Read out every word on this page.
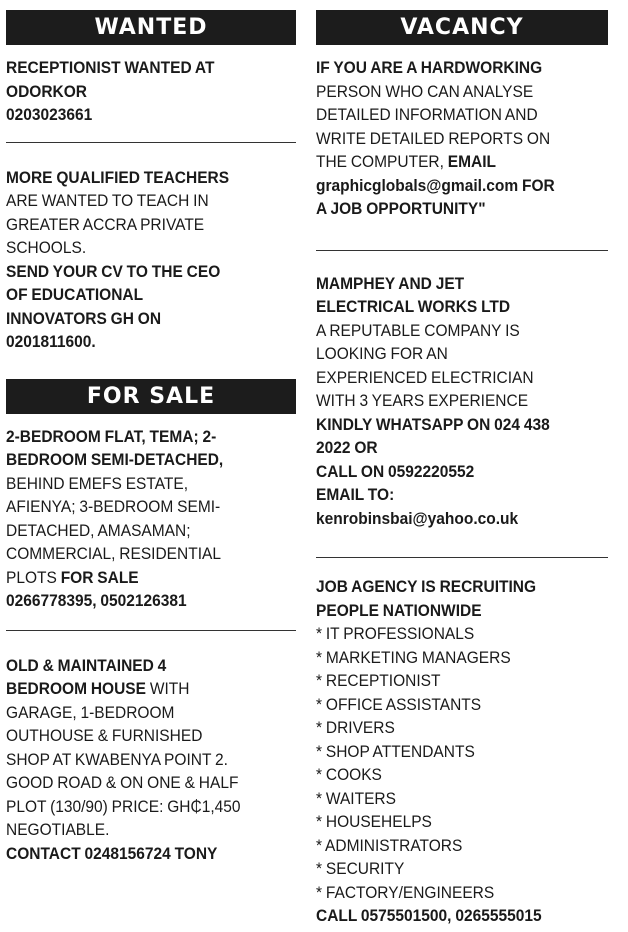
WANTED
RECEPTIONIST WANTED AT
ODORKOR
0203023661
MORE QUALIFIED TEACHERS
ARE WANTED TO TEACH IN
GREATER ACCRA PRIVATE
SCHOOLS.
SEND YOUR CV TO THE CEO
OF EDUCATIONAL
INNOVATORS GH ON
0201811600.
FOR SALE
2-BEDROOM FLAT, TEMA; 2-
BEDROOM SEMI-DETACHED,
BEHIND EMEFS ESTATE,
AFIENYA; 3-BEDROOM SEMI-
DETACHED, AMASAMAN;
COMMERCIAL, RESIDENTIAL
PLOTS FOR SALE
0266778395, 0502126381
OLD & MAINTAINED 4
BEDROOM HOUSE WITH
GARAGE, 1-BEDROOM
OUTHOUSE & FURNISHED
SHOP AT KWABENYA POINT 2.
GOOD ROAD & ON ONE & HALF
PLOT (130/90) PRICE: GH₵1,450
NEGOTIABLE.
CONTACT 0248156724 TONY
VACANCY
IF YOU ARE A HARDWORKING
PERSON WHO CAN ANALYSE
DETAILED INFORMATION AND
WRITE DETAILED REPORTS ON
THE COMPUTER, EMAIL
graphicglobals@gmail.com FOR
A JOB OPPORTUNITY"
MAMPHEY AND JET
ELECTRICAL WORKS LTD
A REPUTABLE COMPANY IS
LOOKING FOR AN
EXPERIENCED ELECTRICIAN
WITH 3 YEARS EXPERIENCE
KINDLY WHATSAPP ON 024 438
2022 OR
CALL ON 0592220552
EMAIL TO:
kenrobinsbai@yahoo.co.uk
JOB AGENCY IS RECRUITING
PEOPLE NATIONWIDE
* IT PROFESSIONALS
* MARKETING MANAGERS
* RECEPTIONIST
* OFFICE ASSISTANTS
* DRIVERS
* SHOP ATTENDANTS
* COOKS
* WAITERS
* HOUSEHELPS
* ADMINISTRATORS
* SECURITY
* FACTORY/ENGINEERS
CALL 0575501500, 0265555015
